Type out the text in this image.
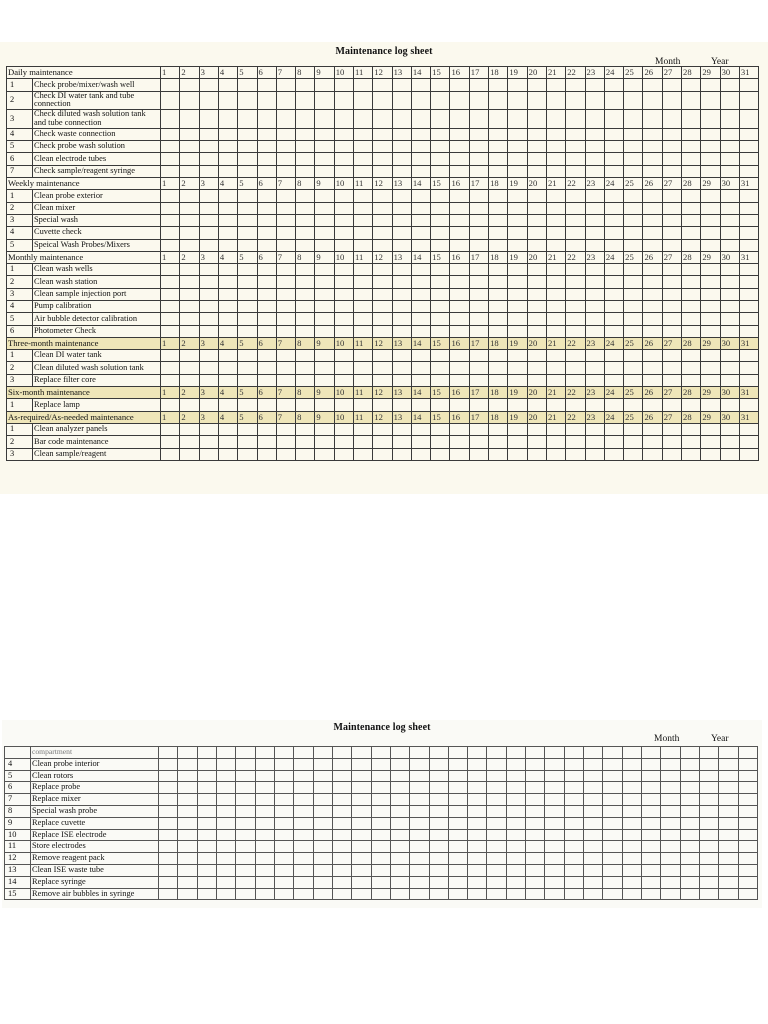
Maintenance log sheet
Month	Year
Daily maintenance		1	2	3	4	5	6	7	8	9	10	11	12	13	14	15	16	17	18	19	20	21	22	23	24	25	26	27	28	29	30	31
1	Check probe/mixer/wash well																															
2	Check DI water tank and tube connection																															
3	Check diluted wash solution tank and tube connection																															
4	Check waste connection																															
5	Check probe wash solution																															
6	Clean electrode tubes																															
7	Check sample/reagent syringe																															
Weekly maintenance		1	2	3	4	5	6	7	8	9	10	11	12	13	14	15	16	17	18	19	20	21	22	23	24	25	26	27	28	29	30	31
1	Clean probe exterior																															
2	Clean mixer																															
3	Special wash																															
4	Cuvette check																															
5	Speical Wash Probes/Mixers																															
Monthly maintenance		1	2	3	4	5	6	7	8	9	10	11	12	13	14	15	16	17	18	19	20	21	22	23	24	25	26	27	28	29	30	31
1	Clean wash wells																															
2	Clean wash station																															
3	Clean sample injection port																															
4	Pump calibration																															
5	Air bubble detector calibration																															
6	Photometer Check																															
Three-month maintenance		1	2	3	4	5	6	7	8	9	10	11	12	13	14	15	16	17	18	19	20	21	22	23	24	25	26	27	28	29	30	31
1	Clean DI water tank																															
2	Clean diluted wash solution tank																															
3	Replace filter core																															
Six-month maintenance		1	2	3	4	5	6	7	8	9	10	11	12	13	14	15	16	17	18	19	20	21	22	23	24	25	26	27	28	29	30	31
1	Replace lamp																															
As-required/As-needed maintenance		1	2	3	4	5	6	7	8	9	10	11	12	13	14	15	16	17	18	19	20	21	22	23	24	25	26	27	28	29	30	31
1	Clean analyzer panels																															
2	Bar code maintenance																															
3	Clean sample/reagent																															
Maintenance log sheet
Month	Year
	compartment																															
4	Clean probe interior																															
5	Clean rotors																															
6	Replace probe																															
7	Replace mixer																															
8	Special wash probe																															
9	Replace cuvette																															
10	Replace ISE electrode																															
11	Store electrodes																															
12	Remove reagent pack																															
13	Clean ISE waste tube																															
14	Replace syringe																															
15	Remove air bubbles in syringe																															
